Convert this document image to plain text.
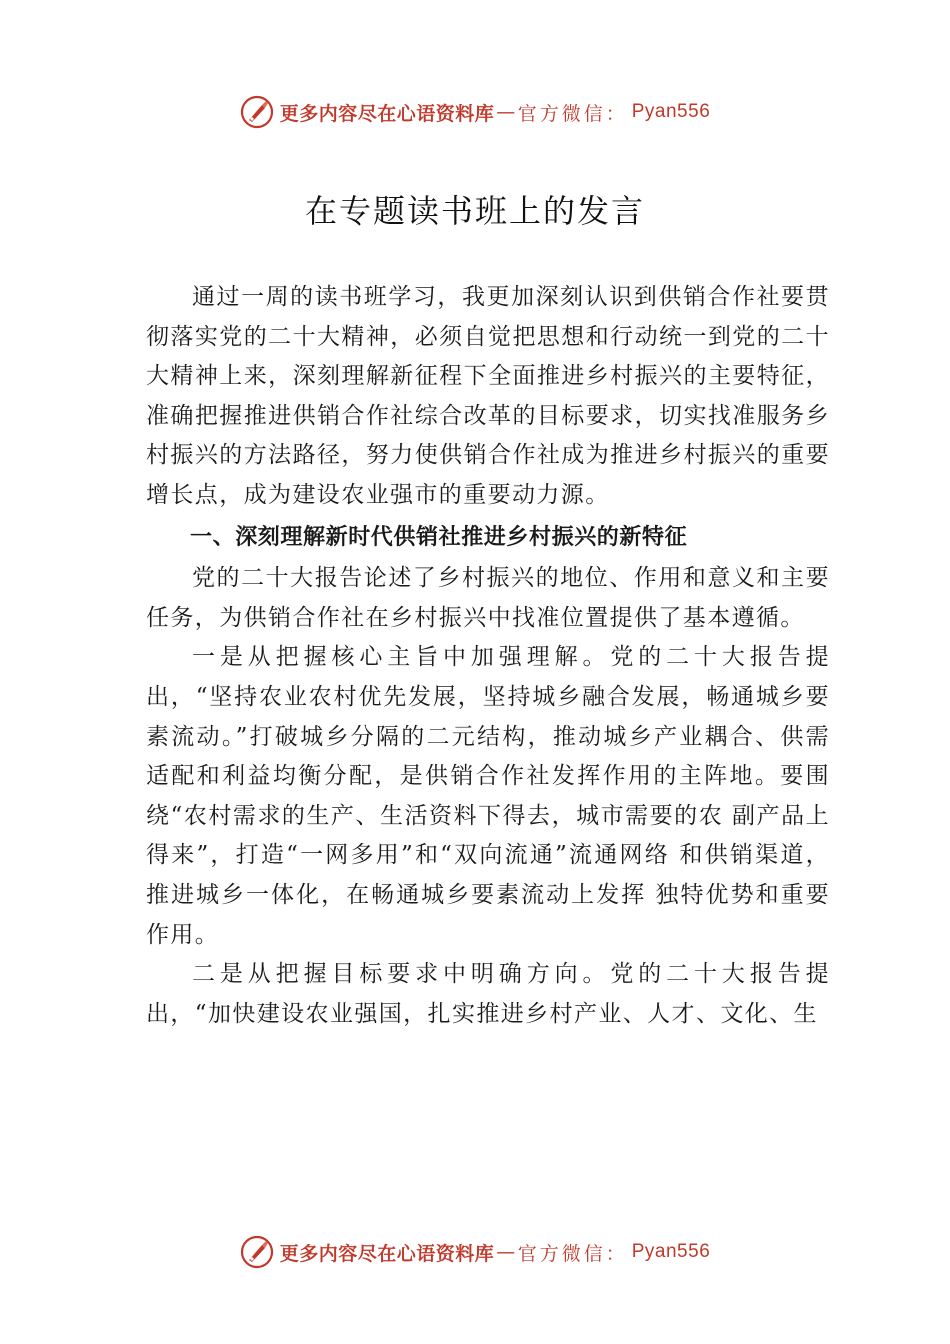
更多内容尽在心语资料库 — 官方微信： Pyan556
在专题读书班上的发言

通过一周的读书班学习，我更加深刻认识到供销合作社要贯彻落实党的二十大精神，必须自觉把思想和行动统一到党的二十大精神上来，深刻理解新征程下全面推进乡村振兴的主要特征，准确把握推进供销合作社综合改革的目标要求，切实找准服务乡村振兴的方法路径，努力使供销合作社成为推进乡村振兴的重要增长点，成为建设农业强市的重要动力源。

一、深刻理解新时代供销社推进乡村振兴的新特征

党的二十大报告论述了乡村振兴的地位、作用和意义和主要任务，为供销合作社在乡村振兴中找准位置提供了基本遵循。

一是从把握核心主旨中加强理解。党的二十大报告提出，“坚持农业农村优先发展，坚持城乡融合发展，畅通城乡要素流动。”打破城乡分隔的二元结构，推动城乡产业耦合、供需适配和利益均衡分配，是供销合作社发挥作用的主阵地。要围绕“农村需求的生产、生活资料下得去，城市需要的农 副产品上得来”，打造“一网多用”和“双向流通”流通网络 和供销渠道，推进城乡一体化，在畅通城乡要素流动上发挥 独特优势和重要作用。

二是从把握目标要求中明确方向。党的二十大报告提出，“加快建设农业强国，扎实推进乡村产业、人才、文化、生

更多内容尽在心语资料库 — 官方微信： Pyan556
